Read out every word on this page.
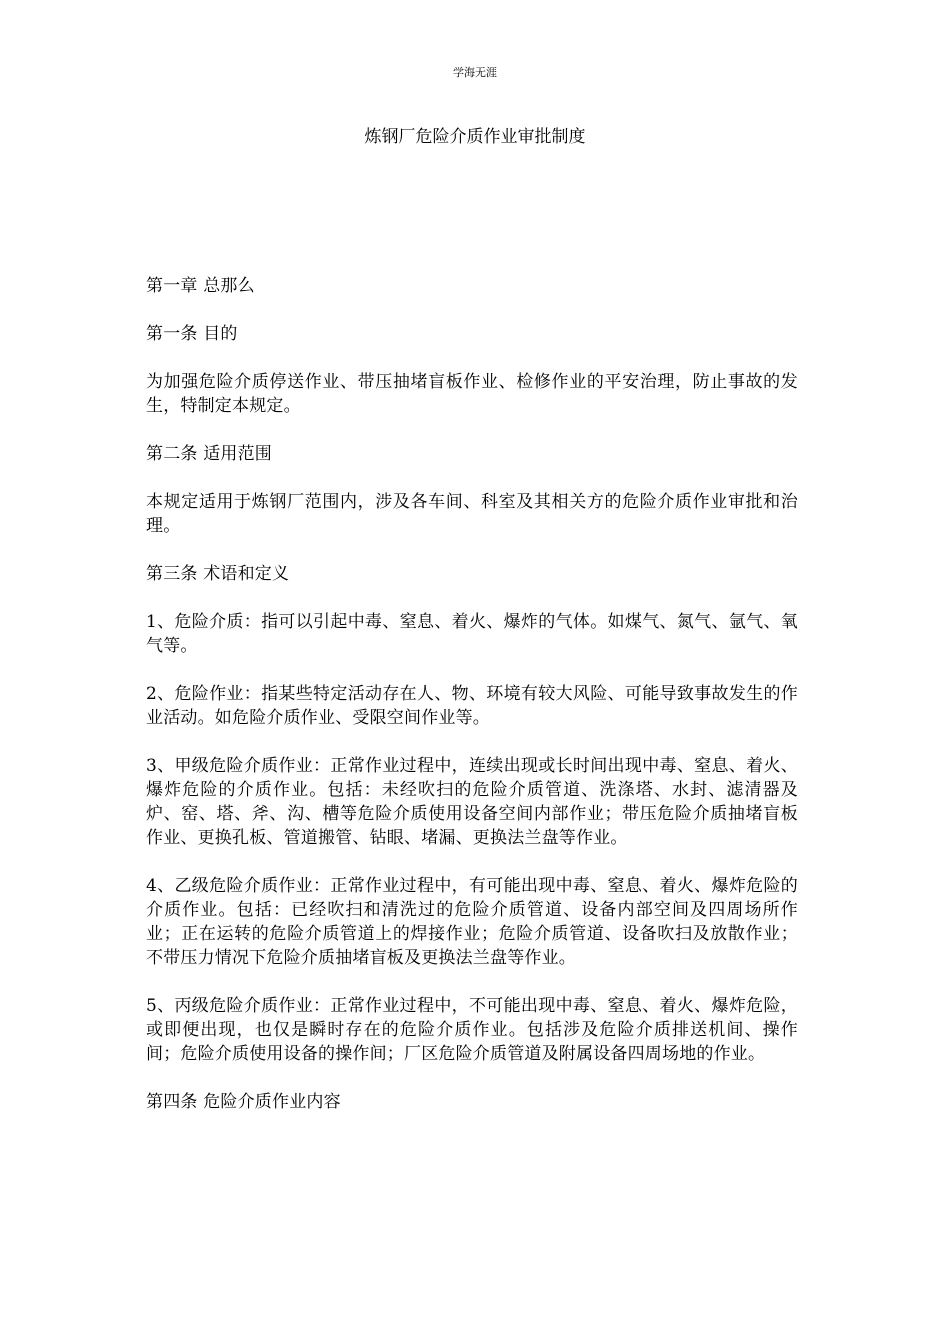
学海无涯
炼钢厂危险介质作业审批制度

第一章 总那么

第一条 目的

为加强危险介质停送作业、带压抽堵盲板作业、检修作业的平安治理，防止事故的发生，特制定本规定。

第二条 适用范围

本规定适用于炼钢厂范围内，涉及各车间、科室及其相关方的危险介质作业审批和治理。

第三条 术语和定义

1、危险介质：指可以引起中毒、窒息、着火、爆炸的气体。如煤气、氮气、氩气、氧气等。

2、危险作业：指某些特定活动存在人、物、环境有较大风险、可能导致事故发生的作业活动。如危险介质作业、受限空间作业等。

3、甲级危险介质作业：正常作业过程中，连续出现或长时间出现中毒、窒息、着火、爆炸危险的介质作业。包括：未经吹扫的危险介质管道、洗涤塔、水封、滤清器及炉、窑、塔、斧、沟、槽等危险介质使用设备空间内部作业；带压危险介质抽堵盲板作业、更换孔板、管道搬管、钻眼、堵漏、更换法兰盘等作业。

4、乙级危险介质作业：正常作业过程中，有可能出现中毒、窒息、着火、爆炸危险的介质作业。包括：已经吹扫和清洗过的危险介质管道、设备内部空间及四周场所作业；正在运转的危险介质管道上的焊接作业；危险介质管道、设备吹扫及放散作业；不带压力情况下危险介质抽堵盲板及更换法兰盘等作业。

5、丙级危险介质作业：正常作业过程中，不可能出现中毒、窒息、着火、爆炸危险，或即便出现，也仅是瞬时存在的危险介质作业。包括涉及危险介质排送机间、操作间；危险介质使用设备的操作间；厂区危险介质管道及附属设备四周场地的作业。

第四条 危险介质作业内容
